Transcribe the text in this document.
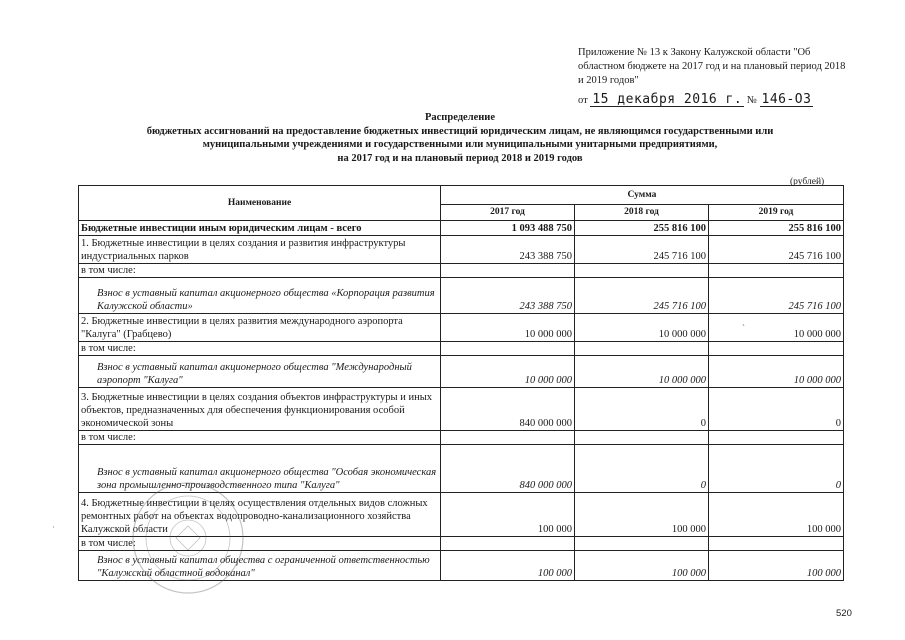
Приложение № 13 к Закону Калужской области "Об областном бюджете на 2017 год и на плановый период 2018 и 2019 годов"
от 15 декабря 2016 г. № 146-ОЗ
Распределение
бюджетных ассигнований на предоставление бюджетных инвестиций юридическим лицам, не являющимся государственными или
муниципальными учреждениями и государственными или муниципальными унитарными предприятиями,
на 2017 год и на плановый период 2018 и 2019 годов
(рублей)
Наименование	Сумма		
	2017 год	2018 год	2019 год
Бюджетные инвестиции иным юридическим лицам - всего	1 093 488 750	255 816 100	255 816 100
1. Бюджетные инвестиции в целях создания и развития инфраструктуры индустриальных парков	243 388 750	245 716 100	245 716 100
в том числе:			
Взнос в уставный капитал акционерного общества «Корпорация развития Калужской области»	243 388 750	245 716 100	245 716 100
2. Бюджетные инвестиции в целях развития международного аэропорта "Калуга" (Грабцево)	10 000 000	10 000 000	10 000 000
в том числе:			
Взнос в уставный капитал акционерного общества "Международный аэропорт "Калуга"	10 000 000	10 000 000	10 000 000
3. Бюджетные инвестиции в целях создания объектов инфраструктуры и иных объектов, предназначенных для обеспечения функционирования особой экономической зоны	840 000 000	0	0
в том числе:			
Взнос в уставный капитал акционерного общества "Особая экономическая зона промышленно-производственного типа "Калуга"	840 000 000	0	0
4. Бюджетные инвестиции в целях осуществления отдельных видов сложных ремонтных работ на объектах водопроводно-канализационного хозяйства Калужской области	100 000	100 000	100 000
в том числе:			
Взнос в уставный капитал общества с ограниченной ответственностью "Калужский областной водоканал"	100 000	100 000	100 000
ˋ
·
520
